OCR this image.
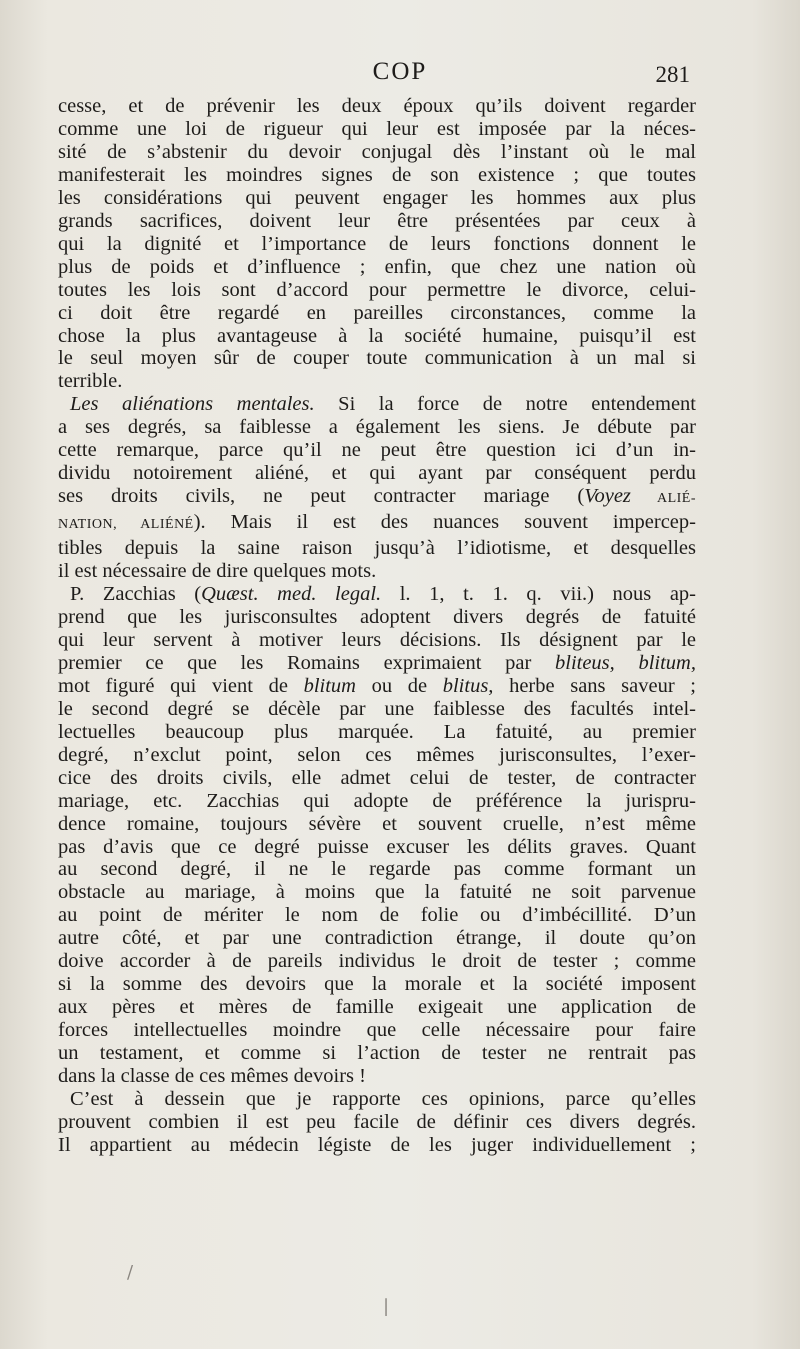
COP	281
cesse, et de prévenir les deux époux qu’ils doivent regarder
comme une loi de rigueur qui leur est imposée par la néces-
sité de s’abstenir du devoir conjugal dès l’instant où le mal
manifesterait les moindres signes de son existence ; que toutes
les considérations qui peuvent engager les hommes aux plus
grands sacrifices, doivent leur être présentées par ceux à
qui la dignité et l’importance de leurs fonctions donnent le
plus de poids et d’influence ; enfin, que chez une nation où
toutes les lois sont d’accord pour permettre le divorce, celui-
ci doit être regardé en pareilles circonstances, comme la
chose la plus avantageuse à la société humaine, puisqu’il est
le seul moyen sûr de couper toute communication à un mal si
terrible.
Les aliénations mentales. Si la force de notre entendement
a ses degrés, sa faiblesse a également les siens. Je débute par
cette remarque, parce qu’il ne peut être question ici d’un in-
dividu notoirement aliéné, et qui ayant par conséquent perdu
ses droits civils, ne peut contracter mariage (Voyez ALIÉ-
NATION, ALIÉNÉ). Mais il est des nuances souvent impercep-
tibles depuis la saine raison jusqu’à l’idiotisme, et desquelles
il est nécessaire de dire quelques mots.
P. Zacchias (Quæst. med. legal. l. 1, t. 1. q. vii.) nous ap-
prend que les jurisconsultes adoptent divers degrés de fatuité
qui leur servent à motiver leurs décisions. Ils désignent par le
premier ce que les Romains exprimaient par bliteus, blitum,
mot figuré qui vient de blitum ou de blitus, herbe sans saveur ;
le second degré se décèle par une faiblesse des facultés intel-
lectuelles beaucoup plus marquée. La fatuité, au premier
degré, n’exclut point, selon ces mêmes jurisconsultes, l’exer-
cice des droits civils, elle admet celui de tester, de contracter
mariage, etc. Zacchias qui adopte de préférence la jurispru-
dence romaine, toujours sévère et souvent cruelle, n’est même
pas d’avis que ce degré puisse excuser les délits graves. Quant
au second degré, il ne le regarde pas comme formant un
obstacle au mariage, à moins que la fatuité ne soit parvenue
au point de mériter le nom de folie ou d’imbécillité. D’un
autre côté, et par une contradiction étrange, il doute qu’on
doive accorder à de pareils individus le droit de tester ; comme
si la somme des devoirs que la morale et la société imposent
aux pères et mères de famille exigeait une application de
forces intellectuelles moindre que celle nécessaire pour faire
un testament, et comme si l’action de tester ne rentrait pas
dans la classe de ces mêmes devoirs !
C’est à dessein que je rapporte ces opinions, parce qu’elles
prouvent combien il est peu facile de définir ces divers degrés.
Il appartient au médecin légiste de les juger individuellement ;
/
|
